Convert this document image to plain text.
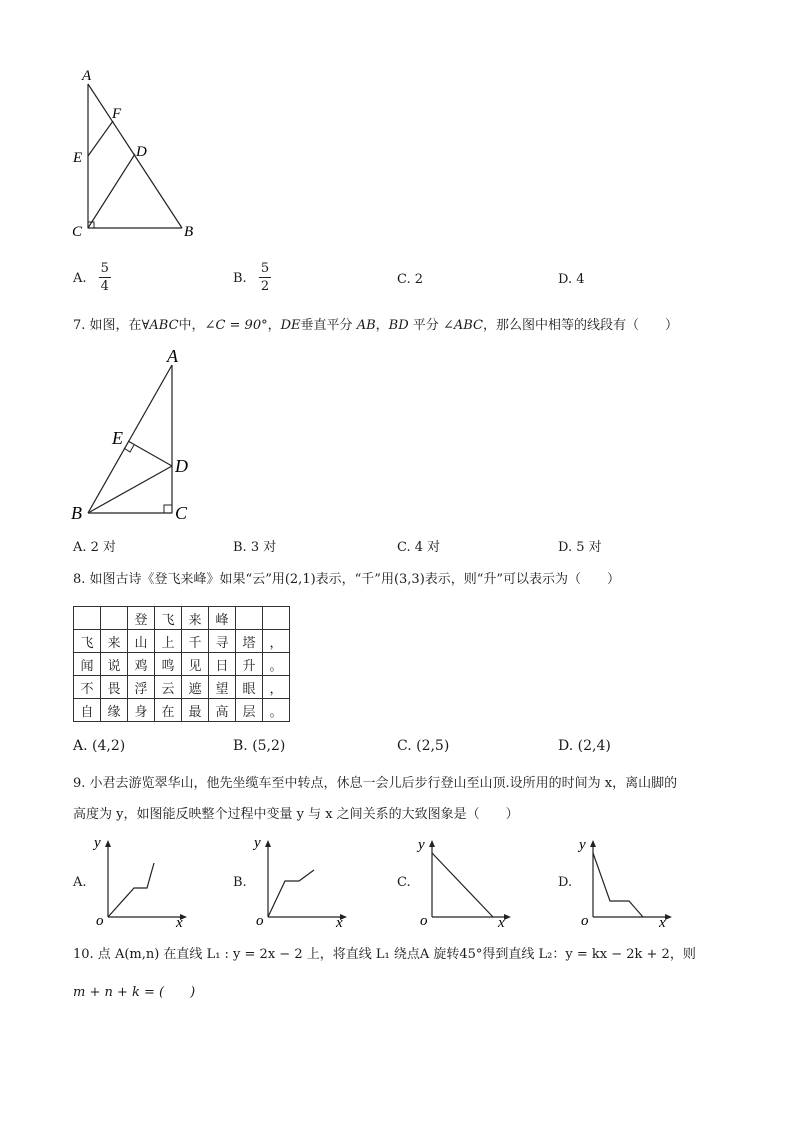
A
F
E	D
C	B
A. $\frac{5}{4}$	B. $\frac{5}{2}$	C. 2	D. 4
7. 如图，在∀ABC中，∠C = 90°，DE垂直平分 AB，BD 平分 ∠ABC，那么图中相等的线段有（　　）
A
E
D
B	C
A. 2 对	B. 3 对	C. 4 对	D. 5 对
8. 如图古诗《登飞来峰》如果“云”用(2,1)表示，“千”用(3,3)表示，则“升”可以表示为（　　）
		登	飞	来	峰		
飞	来	山	上	千	寻	塔	，
闻	说	鸡	鸣	见	日	升	。
不	畏	浮	云	遮	望	眼	，
自	缘	身	在	最	高	层	。
A. (4,2)	B. (5,2)	C. (2,5)	D. (2,4)
9. 小君去游览翠华山，他先坐缆车至中转点，休息一会儿后步行登山至山顶.设所用的时间为 x，离山脚的
高度为 y，如图能反映整个过程中变量 y 与 x 之间关系的大致图象是（　　）
A.
y
x
o
B.
y
x
o
C.
y
x
o
D.
y
x
o
10. 点 A(m,n) 在直线 L₁ : y = 2x − 2 上，将直线 L₁ 绕点A 旋转45°得到直线 L₂：y = kx − 2k + 2，则
m + n + k = (　　)
